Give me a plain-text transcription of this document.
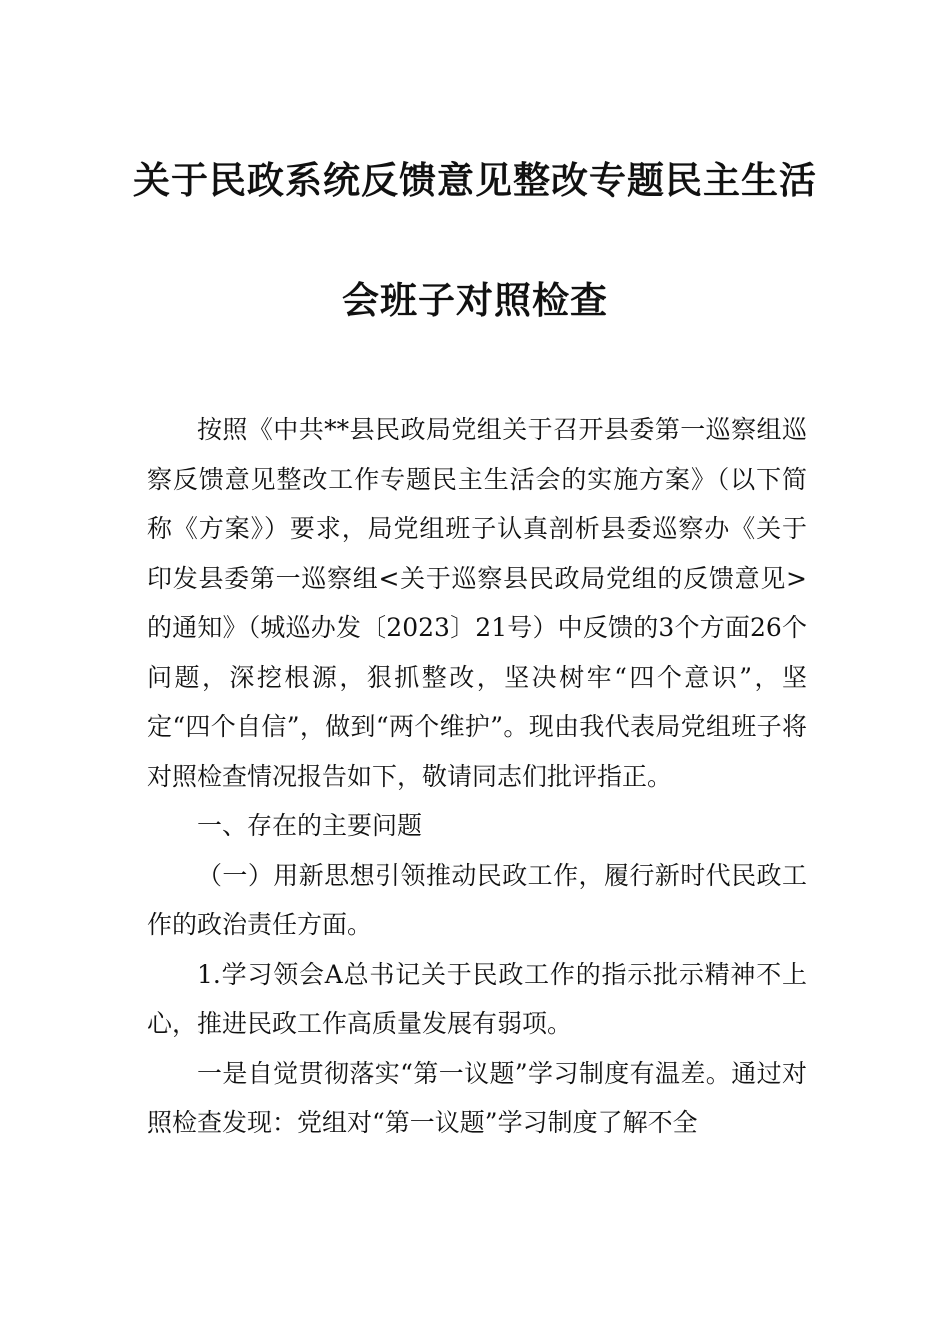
关于民政系统反馈意见整改专题民主生活
会班子对照检查

按照《中共**县民政局党组关于召开县委第一巡察组巡察反馈意见整改工作专题民主生活会的实施方案》（以下简称《方案》）要求，局党组班子认真剖析县委巡察办《关于印发县委第一巡察组<关于巡察县民政局党组的反馈意见>的通知》（城巡办发〔2023〕21号）中反馈的3个方面26个问题，深挖根源，狠抓整改，坚决树牢“四个意识”，坚定“四个自信”，做到“两个维护”。现由我代表局党组班子将对照检查情况报告如下，敬请同志们批评指正。

一、存在的主要问题

（一）用新思想引领推动民政工作，履行新时代民政工作的政治责任方面。

1.学习领会A总书记关于民政工作的指示批示精神不上心，推进民政工作高质量发展有弱项。

一是自觉贯彻落实“第一议题”学习制度有温差。通过对照检查发现：党组对“第一议题”学习制度了解不全
